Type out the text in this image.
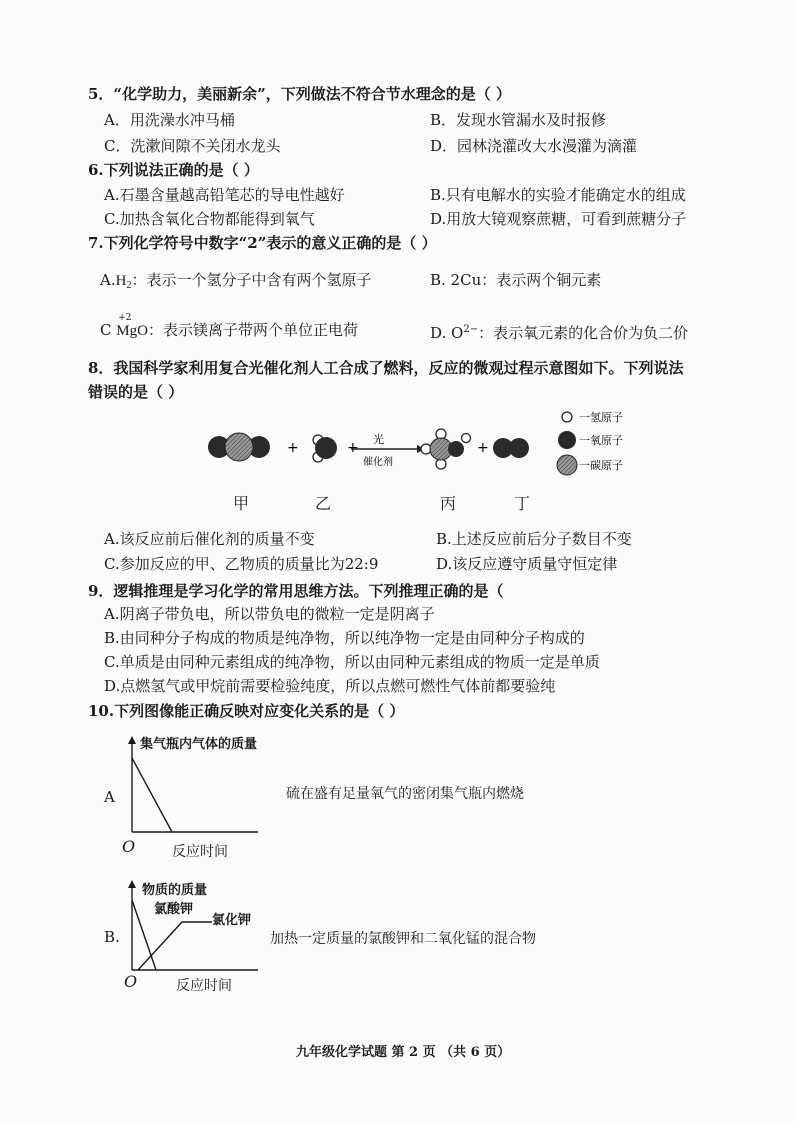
5．“化学助力，美丽新余”，下列做法不符合节水理念的是（ ）
A．用洗澡水冲马桶	B．发现水管漏水及时报修
C．洗漱间隙不关闭水龙头	D．园林浇灌改大水漫灌为滴灌
6.下列说法正确的是（ ）
A.石墨含量越高铅笔芯的导电性越好	B.只有电解水的实验才能确定水的组成
C.加热含氧化合物都能得到氧气	D.用放大镜观察蔗糖，可看到蔗糖分子
7.下列化学符号中数字“2”表示的意义正确的是（ ）
$A.H_2$：表示一个氢分子中含有两个氢原子	B. 2Cu：表示两个铜元素
C
+2
MgO：表示镁离子带两个单位正电荷	D. $O^{2-}$：表示氧元素的化合价为负二价
8．我国科学家利用复合光催化剂人工合成了燃料，反应的微观过程示意图如下。下列说法
错误的是（ ）
+	+
光
催化剂
+
一氢原子
一氧原子
一碳原子
甲	乙	丙	丁
A.该反应前后催化剂的质量不变	B.上述反应前后分子数目不变
C.参加反应的甲、乙物质的质量比为22:9	D.该反应遵守质量守恒定律
9．逻辑推理是学习化学的常用思维方法。下列推理正确的是（
A.阴离子带负电，所以带负电的微粒一定是阴离子
B.由同种分子构成的物质是纯净物，所以纯净物一定是由同种分子构成的
C.单质是由同种元素组成的纯净物，所以由同种元素组成的物质一定是单质
D.点燃氢气或甲烷前需要检验纯度，所以点燃可燃性气体前都要验纯
10.下列图像能正确反映对应变化关系的是（ ）
A
集气瓶内气体的质量
O	反应时间
硫在盛有足量氧气的密闭集气瓶内燃烧
B.
物质的质量
氯酸钾
氯化钾
O	反应时间
加热一定质量的氯酸钾和二氧化锰的混合物
九年级化学试题 第 2 页 （共 6 页）
